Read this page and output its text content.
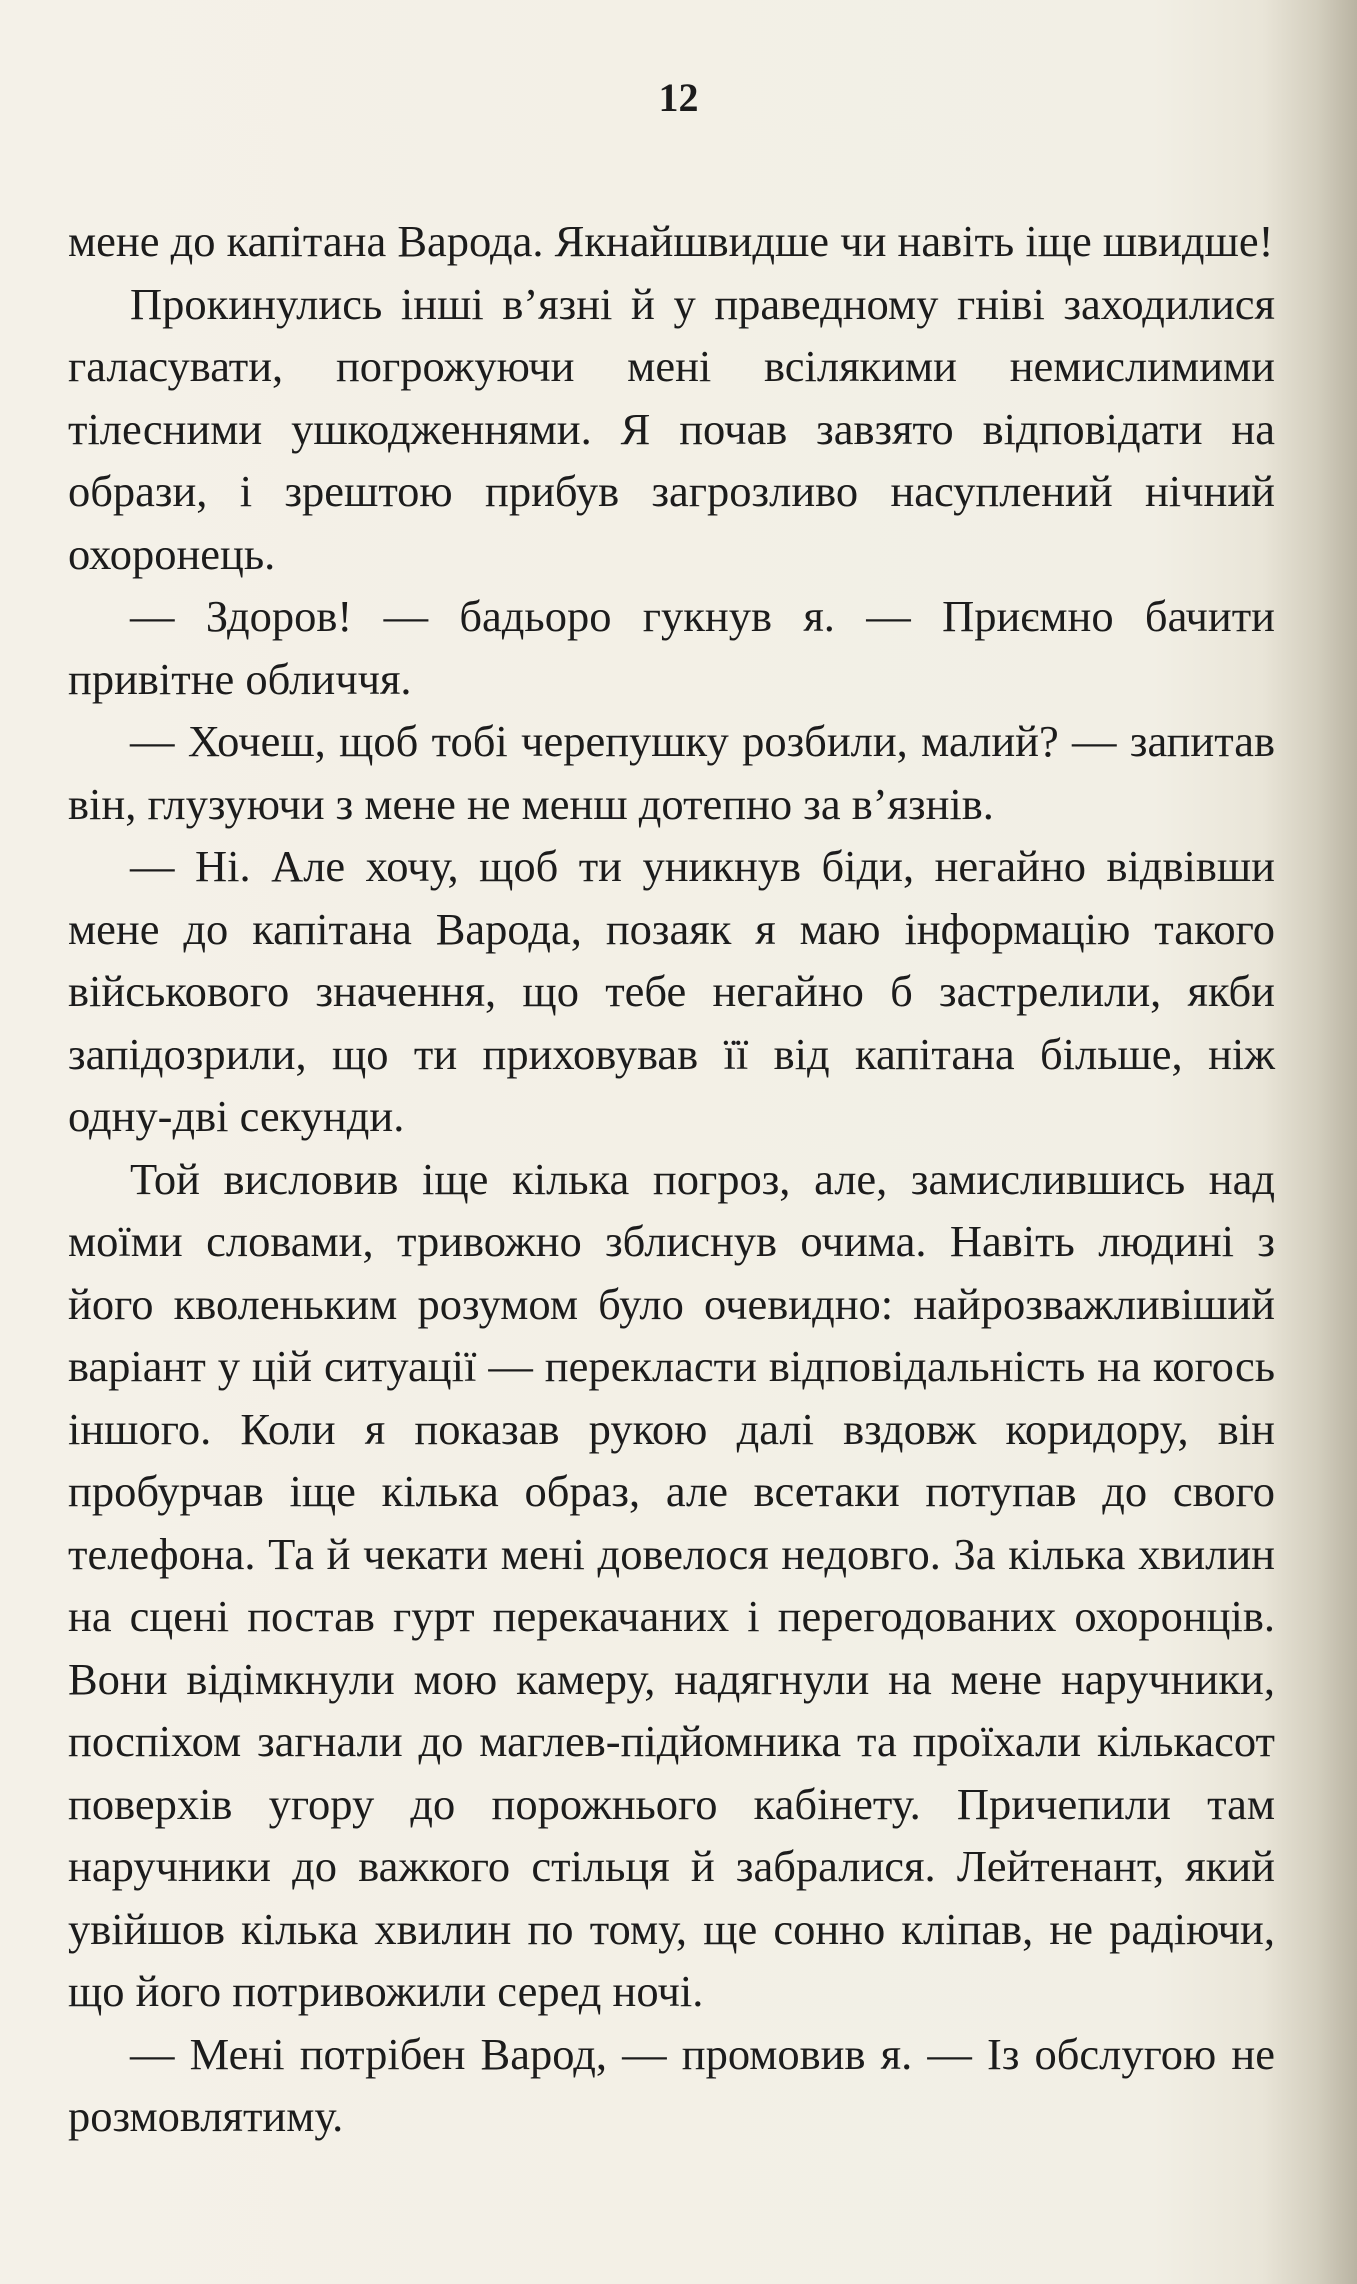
12

мене до капітана Варода. Якнайшвидше чи навіть іще швидше!

Прокинулись інші в’язні й у праведному гніві заходилися галасувати, погрожуючи мені всілякими немислимими тілесними ушкодженнями. Я почав завзято відповідати на образи, і зрештою прибув загрозливо насуплений нічний охоронець.

— Здоров! — бадьоро гукнув я. — Приємно бачити привітне обличчя.

— Хочеш, щоб тобі черепушку розбили, малий? — запитав він, глузуючи з мене не менш дотепно за в’язнів.

— Ні. Але хочу, щоб ти уникнув біди, негайно відвівши мене до капітана Варода, позаяк я маю інформацію такого військового значення, що тебе негайно б застрелили, якби запідозрили, що ти приховував її від капітана більше, ніж одну-дві секунди.

Той висловив іще кілька погроз, але, замислившись над моїми словами, тривожно зблиснув очима. Навіть людині з його кволеньким розумом було очевидно: найрозважливіший варіант у цій ситуації — перекласти відповідальність на когось іншого. Коли я показав рукою далі вздовж коридору, він пробурчав іще кілька образ, але всетаки потупав до свого телефона. Та й чекати мені довелося недовго. За кілька хвилин на сцені постав гурт перекачаних і перегодованих охоронців. Вони відімкнули мою камеру, надягнули на мене наручники, поспіхом загнали до маглев-підйомника та проїхали кількасот поверхів угору до порожнього кабінету. Причепили там наручники до важкого стільця й забралися. Лейтенант, який увійшов кілька хвилин по тому, ще сонно кліпав, не радіючи, що його потривожили серед ночі.

— Мені потрібен Варод, — промовив я. — Із обслугою не розмовлятиму.
